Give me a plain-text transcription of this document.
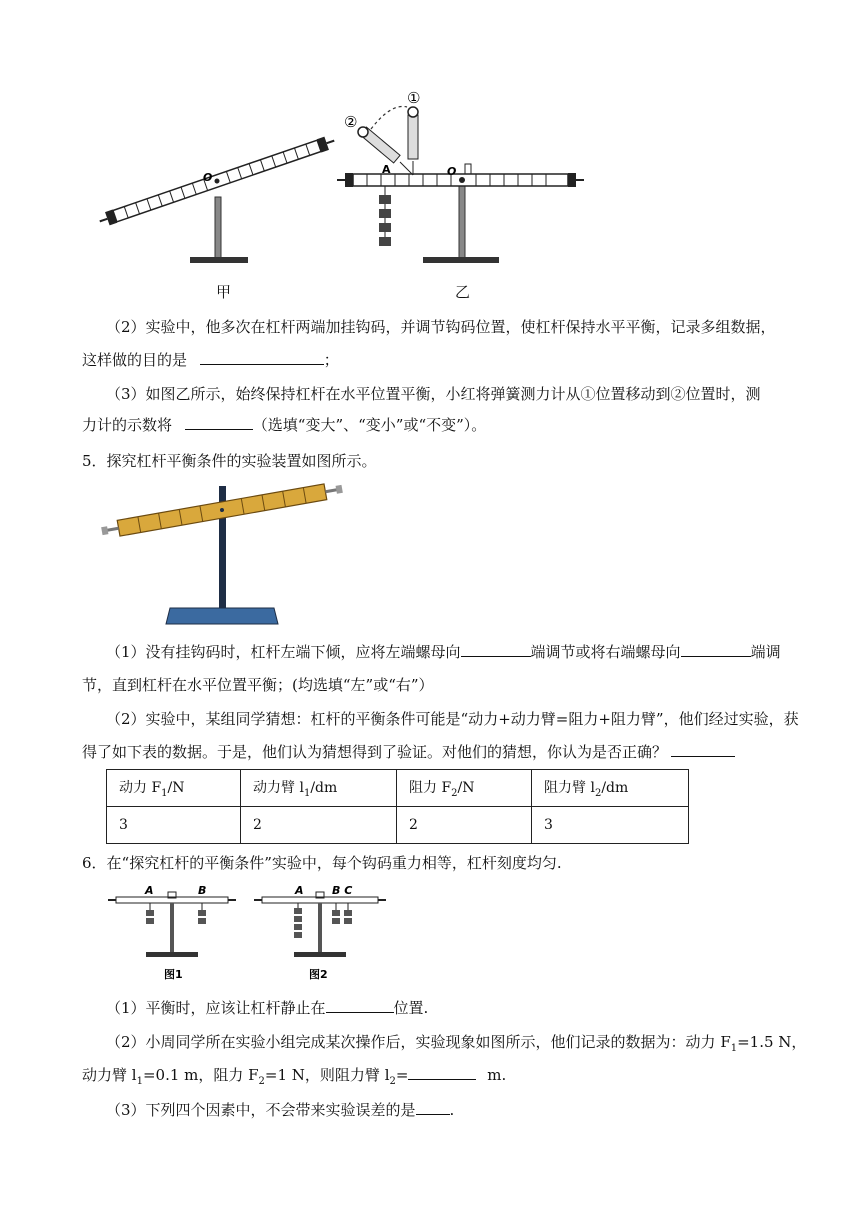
O	O
A
①
②
甲	乙
（2）实验中，他多次在杠杆两端加挂钩码，并调节钩码位置，使杠杆保持水平平衡，记录多组数据，
这样做的目的是	；
（3）如图乙所示，始终保持杠杆在水平位置平衡，小红将弹簧测力计从①位置移动到②位置时，测
力计的示数将	（选填“变大”、“变小”或“不变”）。
5．探究杠杆平衡条件的实验装置如图所示。
（1）没有挂钩码时，杠杆左端下倾，应将左端螺母向	端调节或将右端螺母向	端调
节，直到杠杆在水平位置平衡；(均选填“左”或“右”）
（2）实验中，某组同学猜想：杠杆的平衡条件可能是“动力+动力臂=阻力+阻力臂”，他们经过实验，获
得了如下表的数据。于是，他们认为猜想得到了验证。对他们的猜想，你认为是否正确？
动力 $F_1/N$	动力臂 $l_1/dm$	阻力 $F_2/N$	阻力臂 $l_2/dm$
3	2	2	3
6．在“探究杠杆的平衡条件”实验中，每个钩码重力相等，杠杆刻度均匀.
A	B
图1
A	B C
图2
（1）平衡时，应该让杠杆静止在	位置.
（2）小周同学所在实验小组完成某次操作后，实验现象如图所示，他们记录的数据为：动力 $F_1=1.5$ N，
动力臂 $l_1=0.1$ m，阻力 $F_2=1$ N，则阻力臂 $l_2=$	m.
（3）下列四个因素中，不会带来实验误差的是 .
